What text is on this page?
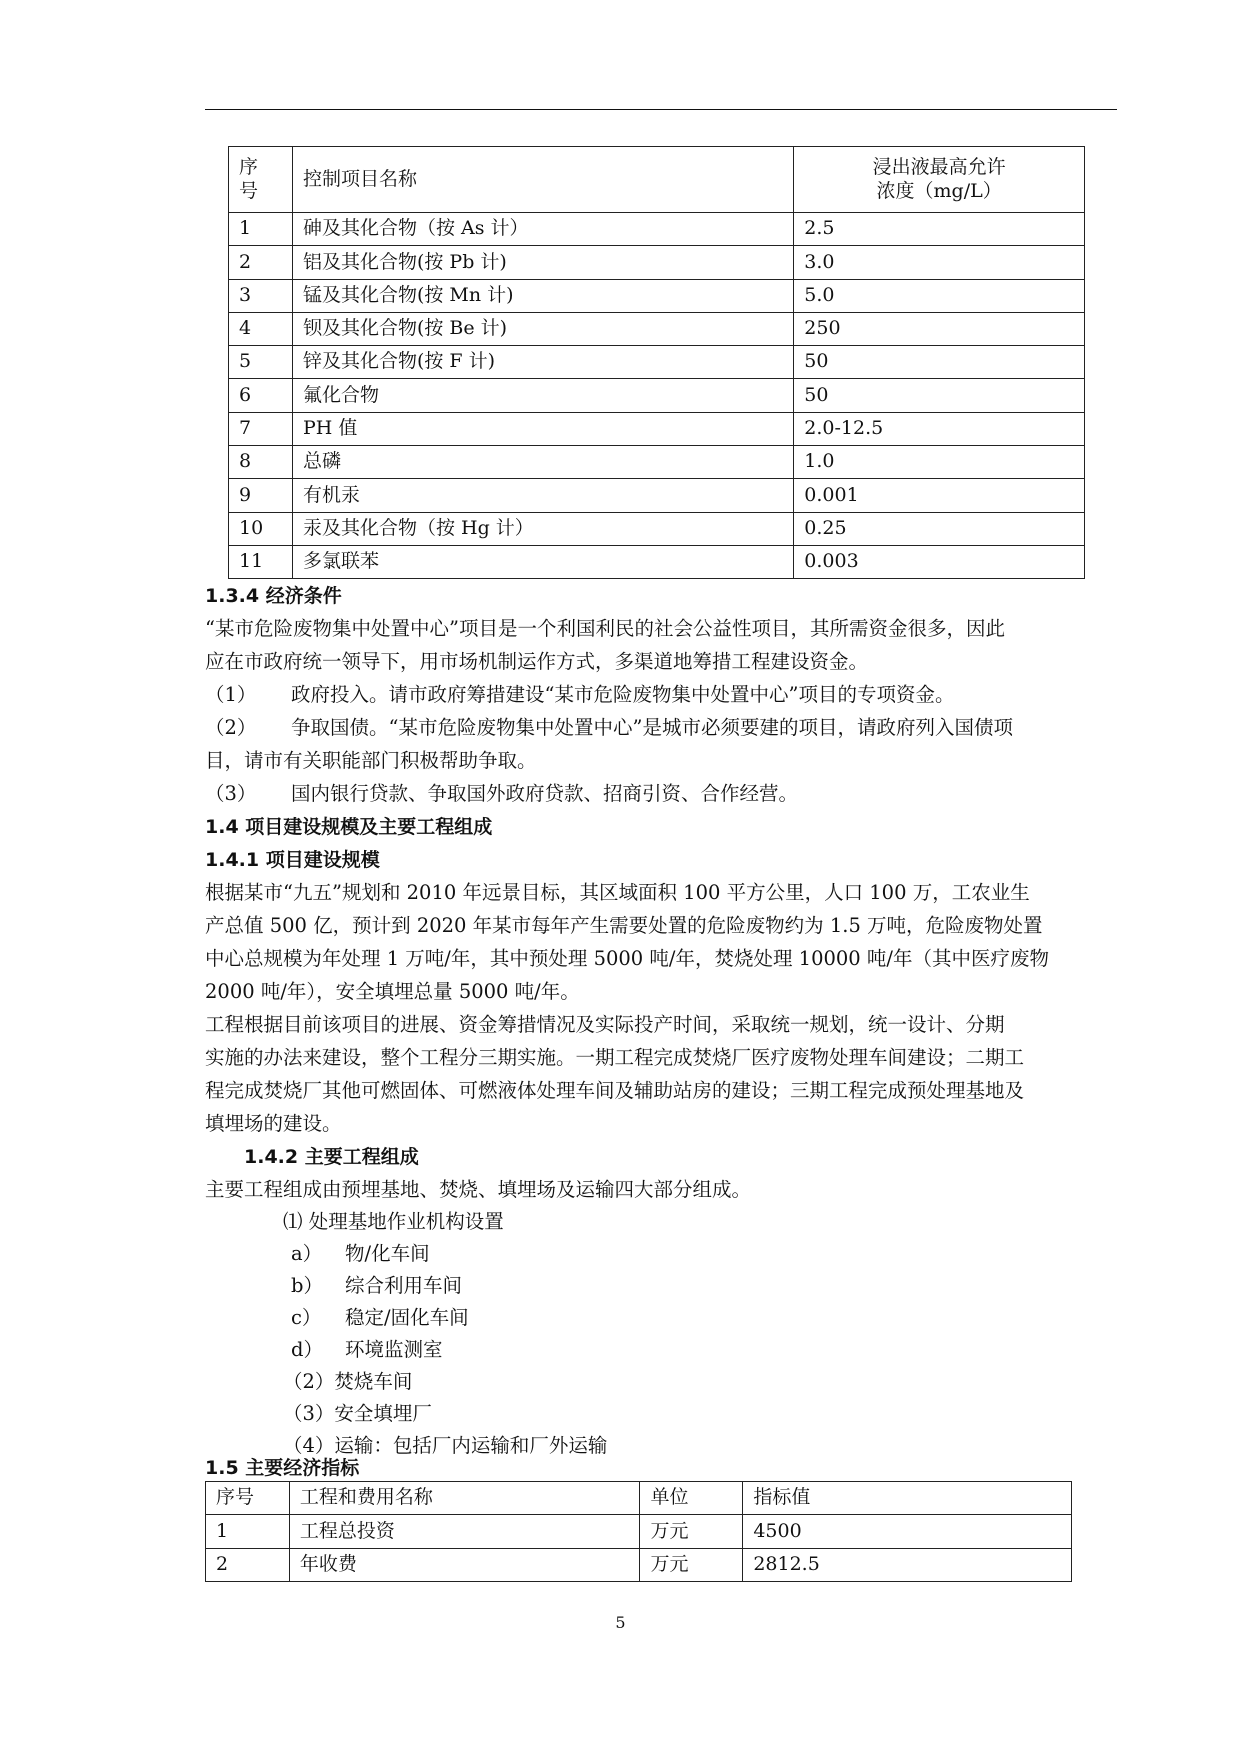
序
号	控制项目名称	浸出液最高允许
浓度（mg/L）
1	砷及其化合物（按 As 计）	2.5
2	铝及其化合物(按 Pb 计)	3.0
3	锰及其化合物(按 Mn 计)	5.0
4	钡及其化合物(按 Be 计)	250
5	锌及其化合物(按 F 计)	50
6	氟化合物	50
7	PH 值	2.0-12.5
8	总磷	1.0
9	有机汞	0.001
10	汞及其化合物（按 Hg 计）	0.25
11	多氯联苯	0.003
1.3.4 经济条件
“某市危险废物集中处置中心”项目是一个利国利民的社会公益性项目，其所需资金很多，因此
应在市政府统一领导下，用市场机制运作方式，多渠道地筹措工程建设资金。
（1） 政府投入。请市政府筹措建设“某市危险废物集中处置中心”项目的专项资金。
（2） 争取国债。“某市危险废物集中处置中心”是城市必须要建的项目，请政府列入国债项
目，请市有关职能部门积极帮助争取。
（3） 国内银行贷款、争取国外政府贷款、招商引资、合作经营。
1.4 项目建设规模及主要工程组成
1.4.1 项目建设规模
根据某市“九五”规划和 2010 年远景目标，其区域面积 100 平方公里，人口 100 万，工农业生
产总值 500 亿，预计到 2020 年某市每年产生需要处置的危险废物约为 1.5 万吨，危险废物处置
中心总规模为年处理 1 万吨/年，其中预处理 5000 吨/年，焚烧处理 10000 吨/年（其中医疗废物
2000 吨/年），安全填埋总量 5000 吨/年。
工程根据目前该项目的进展、资金筹措情况及实际投产时间，采取统一规划，统一设计、分期
实施的办法来建设，整个工程分三期实施。一期工程完成焚烧厂医疗废物处理车间建设；二期工
程完成焚烧厂其他可燃固体、可燃液体处理车间及辅助站房的建设；三期工程完成预处理基地及
填埋场的建设。
1.4.2 主要工程组成
主要工程组成由预埋基地、焚烧、填埋场及运输四大部分组成。
⑴ 处理基地作业机构设置
a） 物/化车间
b） 综合利用车间
c） 稳定/固化车间
d） 环境监测室
（2）焚烧车间
（3）安全填埋厂
（4）运输：包括厂内运输和厂外运输
1.5 主要经济指标
序号	工程和费用名称	单位	指标值
1	工程总投资	万元	4500
2	年收费	万元	2812.5
5
